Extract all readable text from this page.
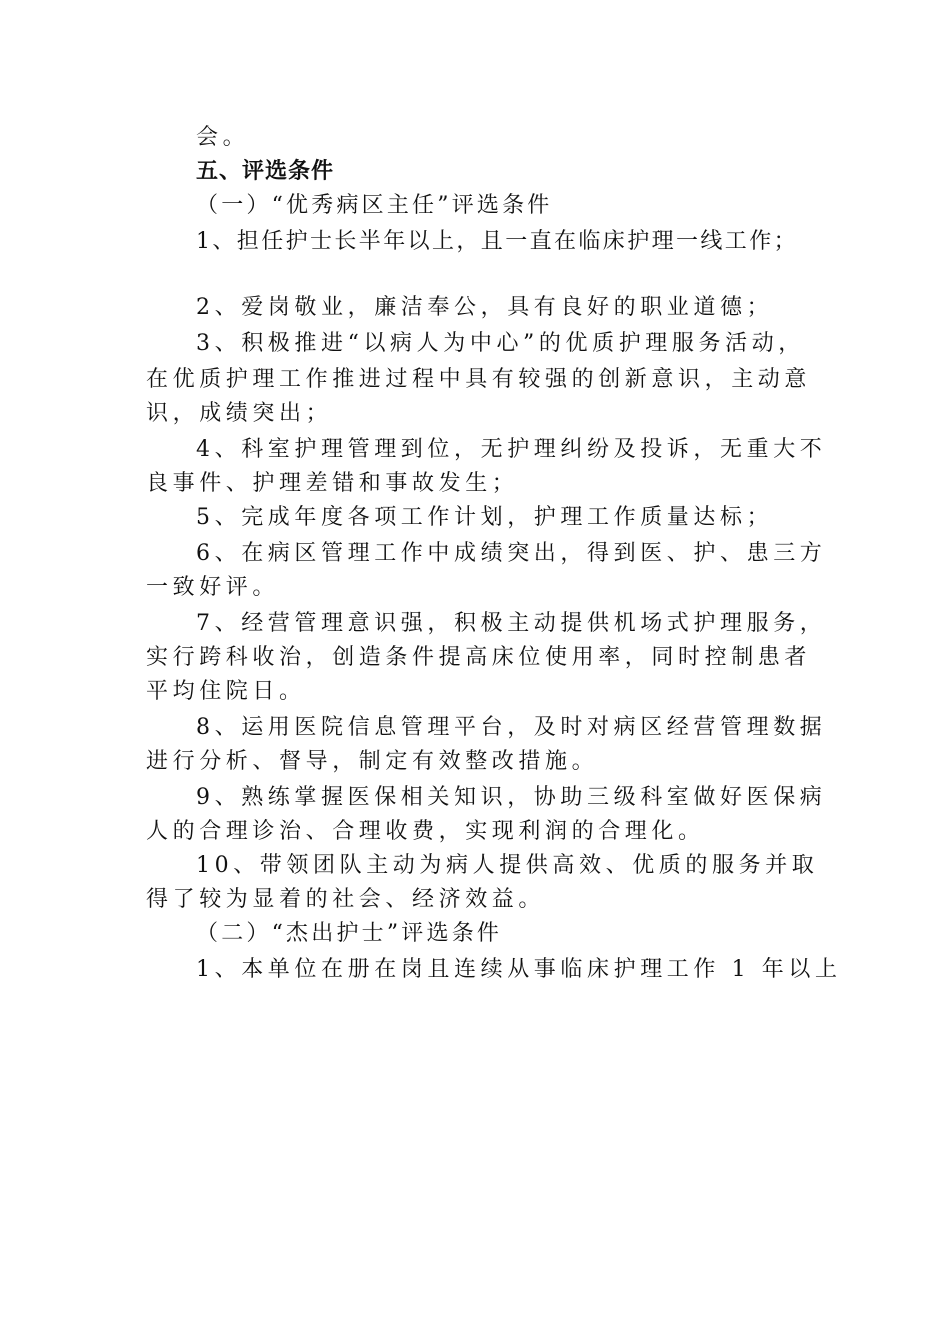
会。

五、评选条件

（一）“优秀病区主任”评选条件

1、担任护士长半年以上，且一直在临床护理一线工作；

2、爱岗敬业，廉洁奉公，具有良好的职业道德；

3、积极推进“以病人为中心”的优质护理服务活动，

在优质护理工作推进过程中具有较强的创新意识，主动意

识，成绩突出；

4、科室护理管理到位，无护理纠纷及投诉，无重大不

良事件、护理差错和事故发生；

5、完成年度各项工作计划，护理工作质量达标；

6、在病区管理工作中成绩突出，得到医、护、患三方

一致好评。

7、经营管理意识强，积极主动提供机场式护理服务，

实行跨科收治，创造条件提高床位使用率，同时控制患者

平均住院日。

8、运用医院信息管理平台，及时对病区经营管理数据

进行分析、督导，制定有效整改措施。

9、熟练掌握医保相关知识，协助三级科室做好医保病

人的合理诊治、合理收费，实现利润的合理化。

10、带领团队主动为病人提供高效、优质的服务并取

得了较为显着的社会、经济效益。

（二）“杰出护士”评选条件

1、本单位在册在岗且连续从事临床护理工作 1 年以上
